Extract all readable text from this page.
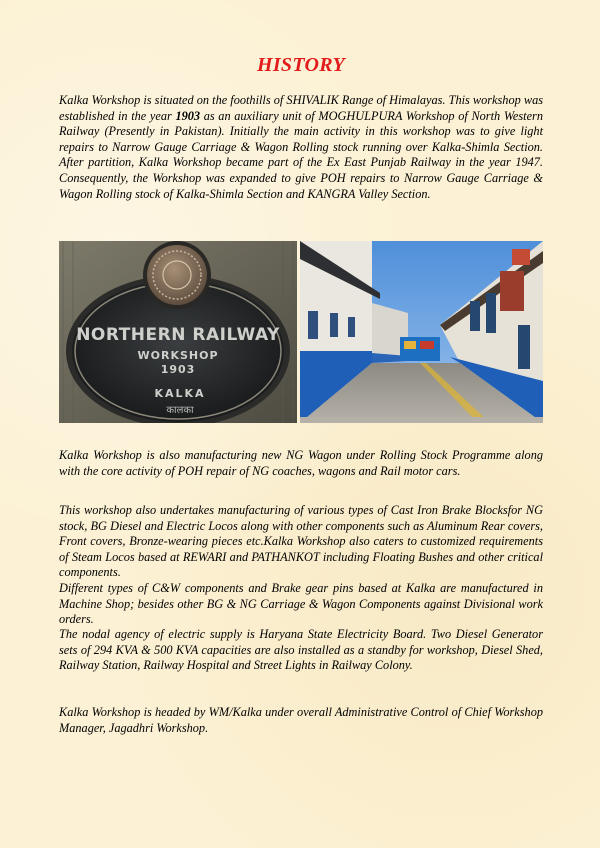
HISTORY

Kalka Workshop is situated on the foothills of SHIVALIK Range of Himalayas. This workshop was established in the year 1903 as an auxiliary unit of MOGHULPURA Workshop of North Western Railway (Presently in Pakistan). Initially the main activity in this workshop was to give light repairs to Narrow Gauge Carriage & Wagon Rolling stock running over Kalka-Shimla Section. After partition, Kalka Workshop became part of the Ex East Punjab Railway in the year 1947. Consequently, the Workshop was expanded to give POH repairs to Narrow Gauge Carriage & Wagon Rolling stock of Kalka-Shimla Section and KANGRA Valley Section.

NORTHERN RAILWAY
WORKSHOP
1903
KALKA
कालका

Kalka Workshop is also manufacturing new NG Wagon under Rolling Stock Programme along with the core activity of POH repair of NG coaches, wagons and Rail motor cars.

This workshop also undertakes manufacturing of various types of Cast Iron Brake Blocksfor NG stock, BG Diesel and Electric Locos along with other components such as Aluminum Rear covers, Front covers, Bronze-wearing pieces etc.Kalka Workshop also caters to customized requirements of Steam Locos based at REWARI and PATHANKOT including Floating Bushes and other critical components.

Different types of C&W components and Brake gear pins based at Kalka are manufactured in Machine Shop; besides other BG & NG Carriage & Wagon Components against Divisional work orders.

The nodal agency of electric supply is Haryana State Electricity Board. Two Diesel Generator sets of 294 KVA & 500 KVA capacities are also installed as a standby for workshop, Diesel Shed, Railway Station, Railway Hospital and Street Lights in Railway Colony.

Kalka Workshop is headed by WM/Kalka under overall Administrative Control of Chief Workshop Manager, Jagadhri Workshop.
